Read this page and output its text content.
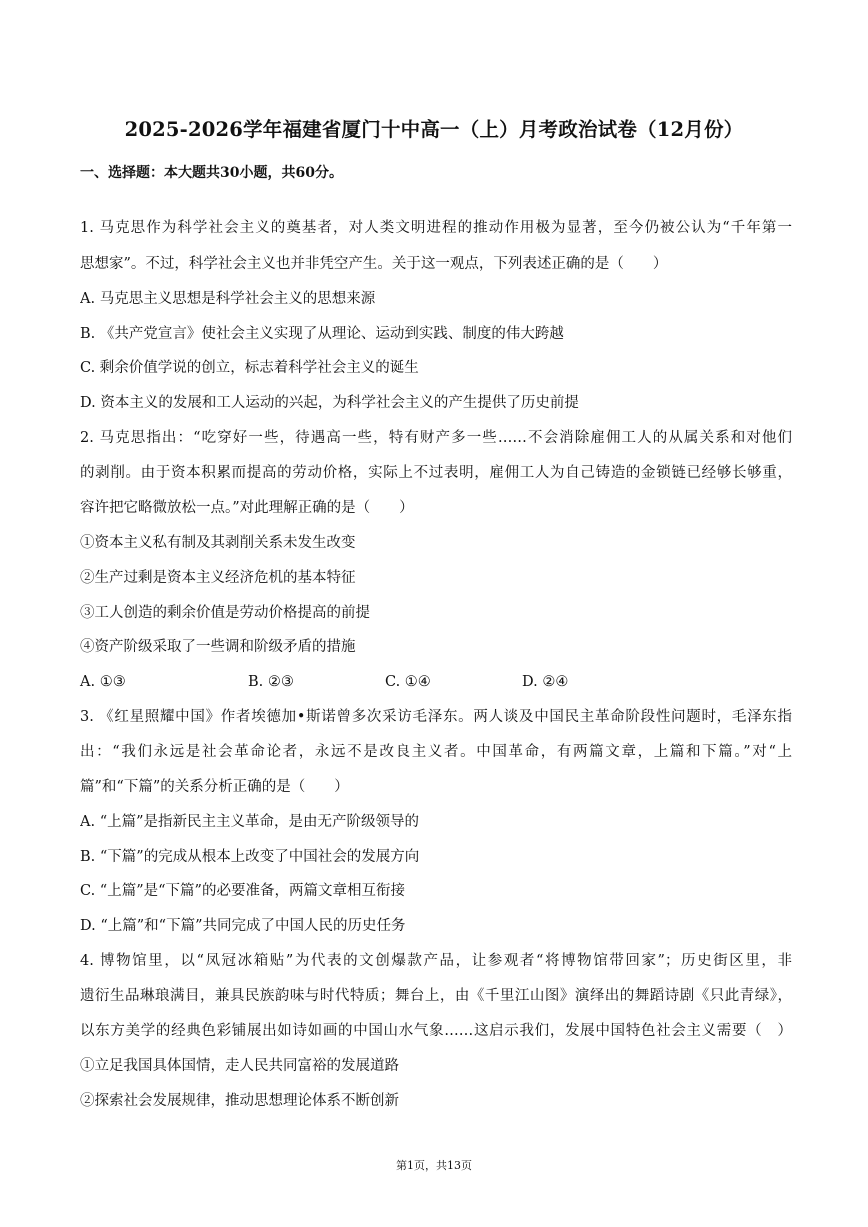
2025-2026学年福建省厦门十中高一（上）月考政治试卷（12月份）
一、选择题：本大题共30小题，共60分。
1. 马克思作为科学社会主义的奠基者，对人类文明进程的推动作用极为显著，至今仍被公认为“千年第一
思想家”。不过，科学社会主义也并非凭空产生。关于这一观点，下列表述正确的是（　　）
A. 马克思主义思想是科学社会主义的思想来源
B. 《共产党宣言》使社会主义实现了从理论、运动到实践、制度的伟大跨越
C. 剩余价值学说的创立，标志着科学社会主义的诞生
D. 资本主义的发展和工人运动的兴起，为科学社会主义的产生提供了历史前提
2. 马克思指出：“吃穿好一些，待遇高一些，特有财产多一些……不会消除雇佣工人的从属关系和对他们
的剥削。由于资本积累而提高的劳动价格，实际上不过表明，雇佣工人为自己铸造的金锁链已经够长够重，
容许把它略微放松一点。”对此理解正确的是（　　）
①资本主义私有制及其剥削关系未发生改变
②生产过剩是资本主义经济危机的基本特征
③工人创造的剩余价值是劳动价格提高的前提
④资产阶级采取了一些调和阶级矛盾的措施
A. ①③	B. ②③	C. ①④	D. ②④
3. 《红星照耀中国》作者埃德加•斯诺曾多次采访毛泽东。两人谈及中国民主革命阶段性问题时，毛泽东指
出：“我们永远是社会革命论者，永远不是改良主义者。中国革命，有两篇文章，上篇和下篇。”对“上
篇”和“下篇”的关系分析正确的是（　　）
A. “上篇”是指新民主主义革命，是由无产阶级领导的
B. “下篇”的完成从根本上改变了中国社会的发展方向
C. “上篇”是“下篇”的必要准备，两篇文章相互衔接
D. “上篇”和“下篇”共同完成了中国人民的历史任务
4. 博物馆里，以“凤冠冰箱贴”为代表的文创爆款产品，让参观者“将博物馆带回家”；历史街区里，非
遗衍生品琳琅满目，兼具民族韵味与时代特质；舞台上，由《千里江山图》演绎出的舞蹈诗剧《只此青绿》，
以东方美学的经典色彩铺展出如诗如画的中国山水气象……这启示我们，发展中国特色社会主义需要（　）
①立足我国具体国情，走人民共同富裕的发展道路
②探索社会发展规律，推动思想理论体系不断创新
第1页，共13页
